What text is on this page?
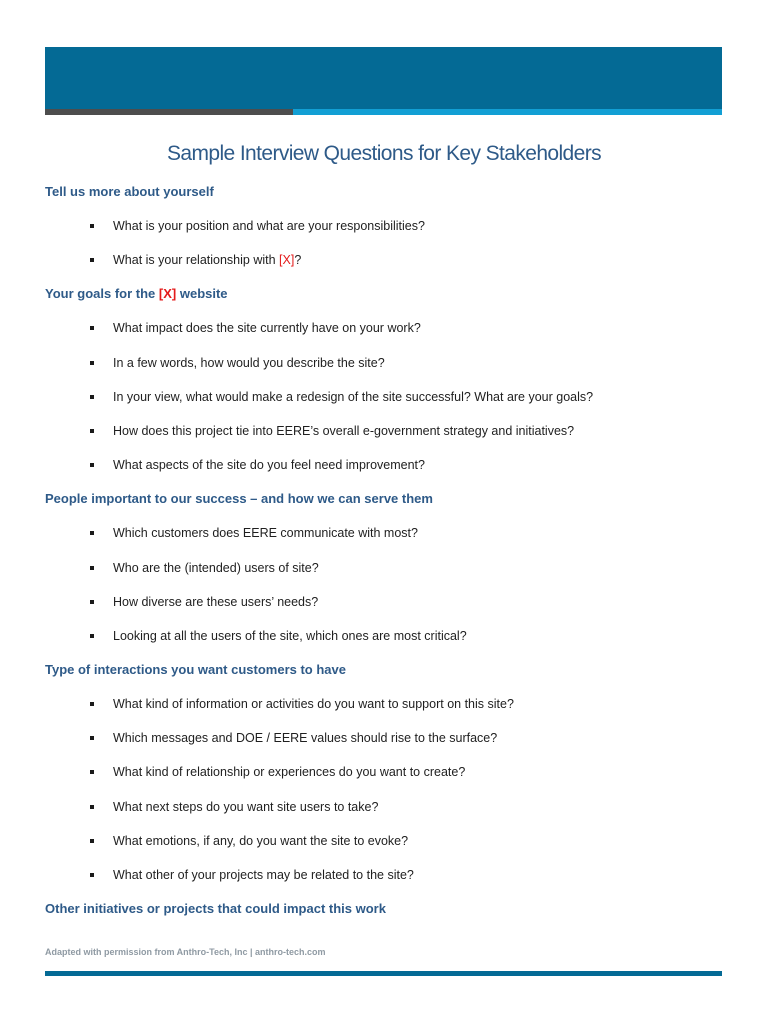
Sample Interview Questions for Key Stakeholders
Tell us more about yourself
What is your position and what are your responsibilities?
What is your relationship with [X]?
Your goals for the [X] website
What impact does the site currently have on your work?
In a few words, how would you describe the site?
In your view, what would make a redesign of the site successful? What are your goals?
How does this project tie into EERE’s overall e-government strategy and initiatives?
What aspects of the site do you feel need improvement?
People important to our success – and how we can serve them
Which customers does EERE communicate with most?
Who are the (intended) users of site?
How diverse are these users’ needs?
Looking at all the users of the site, which ones are most critical?
Type of interactions you want customers to have
What kind of information or activities do you want to support on this site?
Which messages and DOE / EERE values should rise to the surface?
What kind of relationship or experiences do you want to create?
What next steps do you want site users to take?
What emotions, if any, do you want the site to evoke?
What other of your projects may be related to the site?
Other initiatives or projects that could impact this work
Adapted with permission from Anthro-Tech, Inc | anthro-tech.com
